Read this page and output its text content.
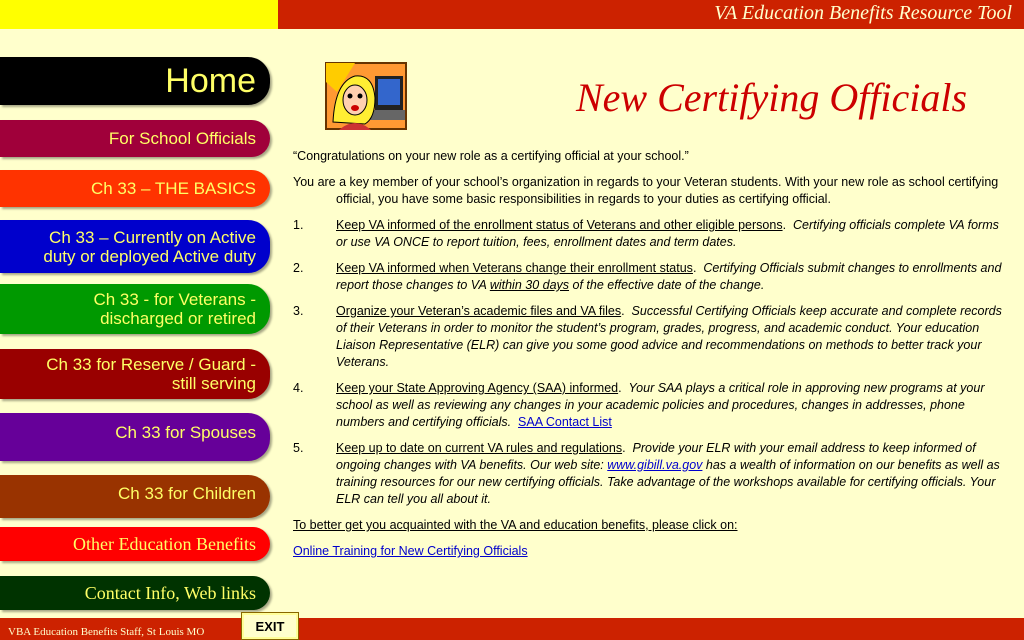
VA Education Benefits Resource Tool
Home
For School Officials
Ch 33 – THE BASICS
Ch 33 – Currently on Active
duty or deployed Active duty
Ch 33 - for Veterans -
discharged or retired
Ch 33 for Reserve / Guard -
still serving
Ch 33 for Spouses
Ch 33 for Children
Other Education Benefits
Contact Info, Web links
New Certifying Officials

“Congratulations on your new role as a certifying official at your school.”

You are a key member of your school’s organization in regards to your Veteran students. With your new role as school certifying official, you have some basic responsibilities in regards to your duties as certifying official.

1.	Keep VA informed of the enrollment status of Veterans and other eligible persons.  Certifying officials complete VA forms or use VA ONCE to report tuition, fees, enrollment dates and term dates.

2.	Keep VA informed when Veterans change their enrollment status.  Certifying Officials submit changes to enrollments and report those changes to VA within 30 days of the effective date of the change.

3.	Organize your Veteran’s academic files and VA files.  Successful Certifying Officials keep accurate and complete records of their Veterans in order to monitor the student’s program, grades, progress, and academic conduct. Your education Liaison Representative (ELR) can give you some good advice and recommendations on methods to better track your Veterans.

4.	Keep your State Approving Agency (SAA) informed.  Your SAA plays a critical role in approving new programs at your school as well as reviewing any changes in your academic policies and procedures, changes in addresses, phone numbers and certifying officials. SAA Contact List

5.	Keep up to date on current VA rules and regulations.  Provide your ELR with your email address to keep informed of ongoing changes with VA benefits. Our web site: www.gibill.va.gov has a wealth of information on our benefits as well as training resources for our new certifying officials. Take advantage of the workshops available for certifying officials. Your ELR can tell you all about it.

To better get you acquainted with the VA and education benefits, please click on:

Online Training for New Certifying Officials

VBA Education Benefits Staff, St Louis MO	EXIT
